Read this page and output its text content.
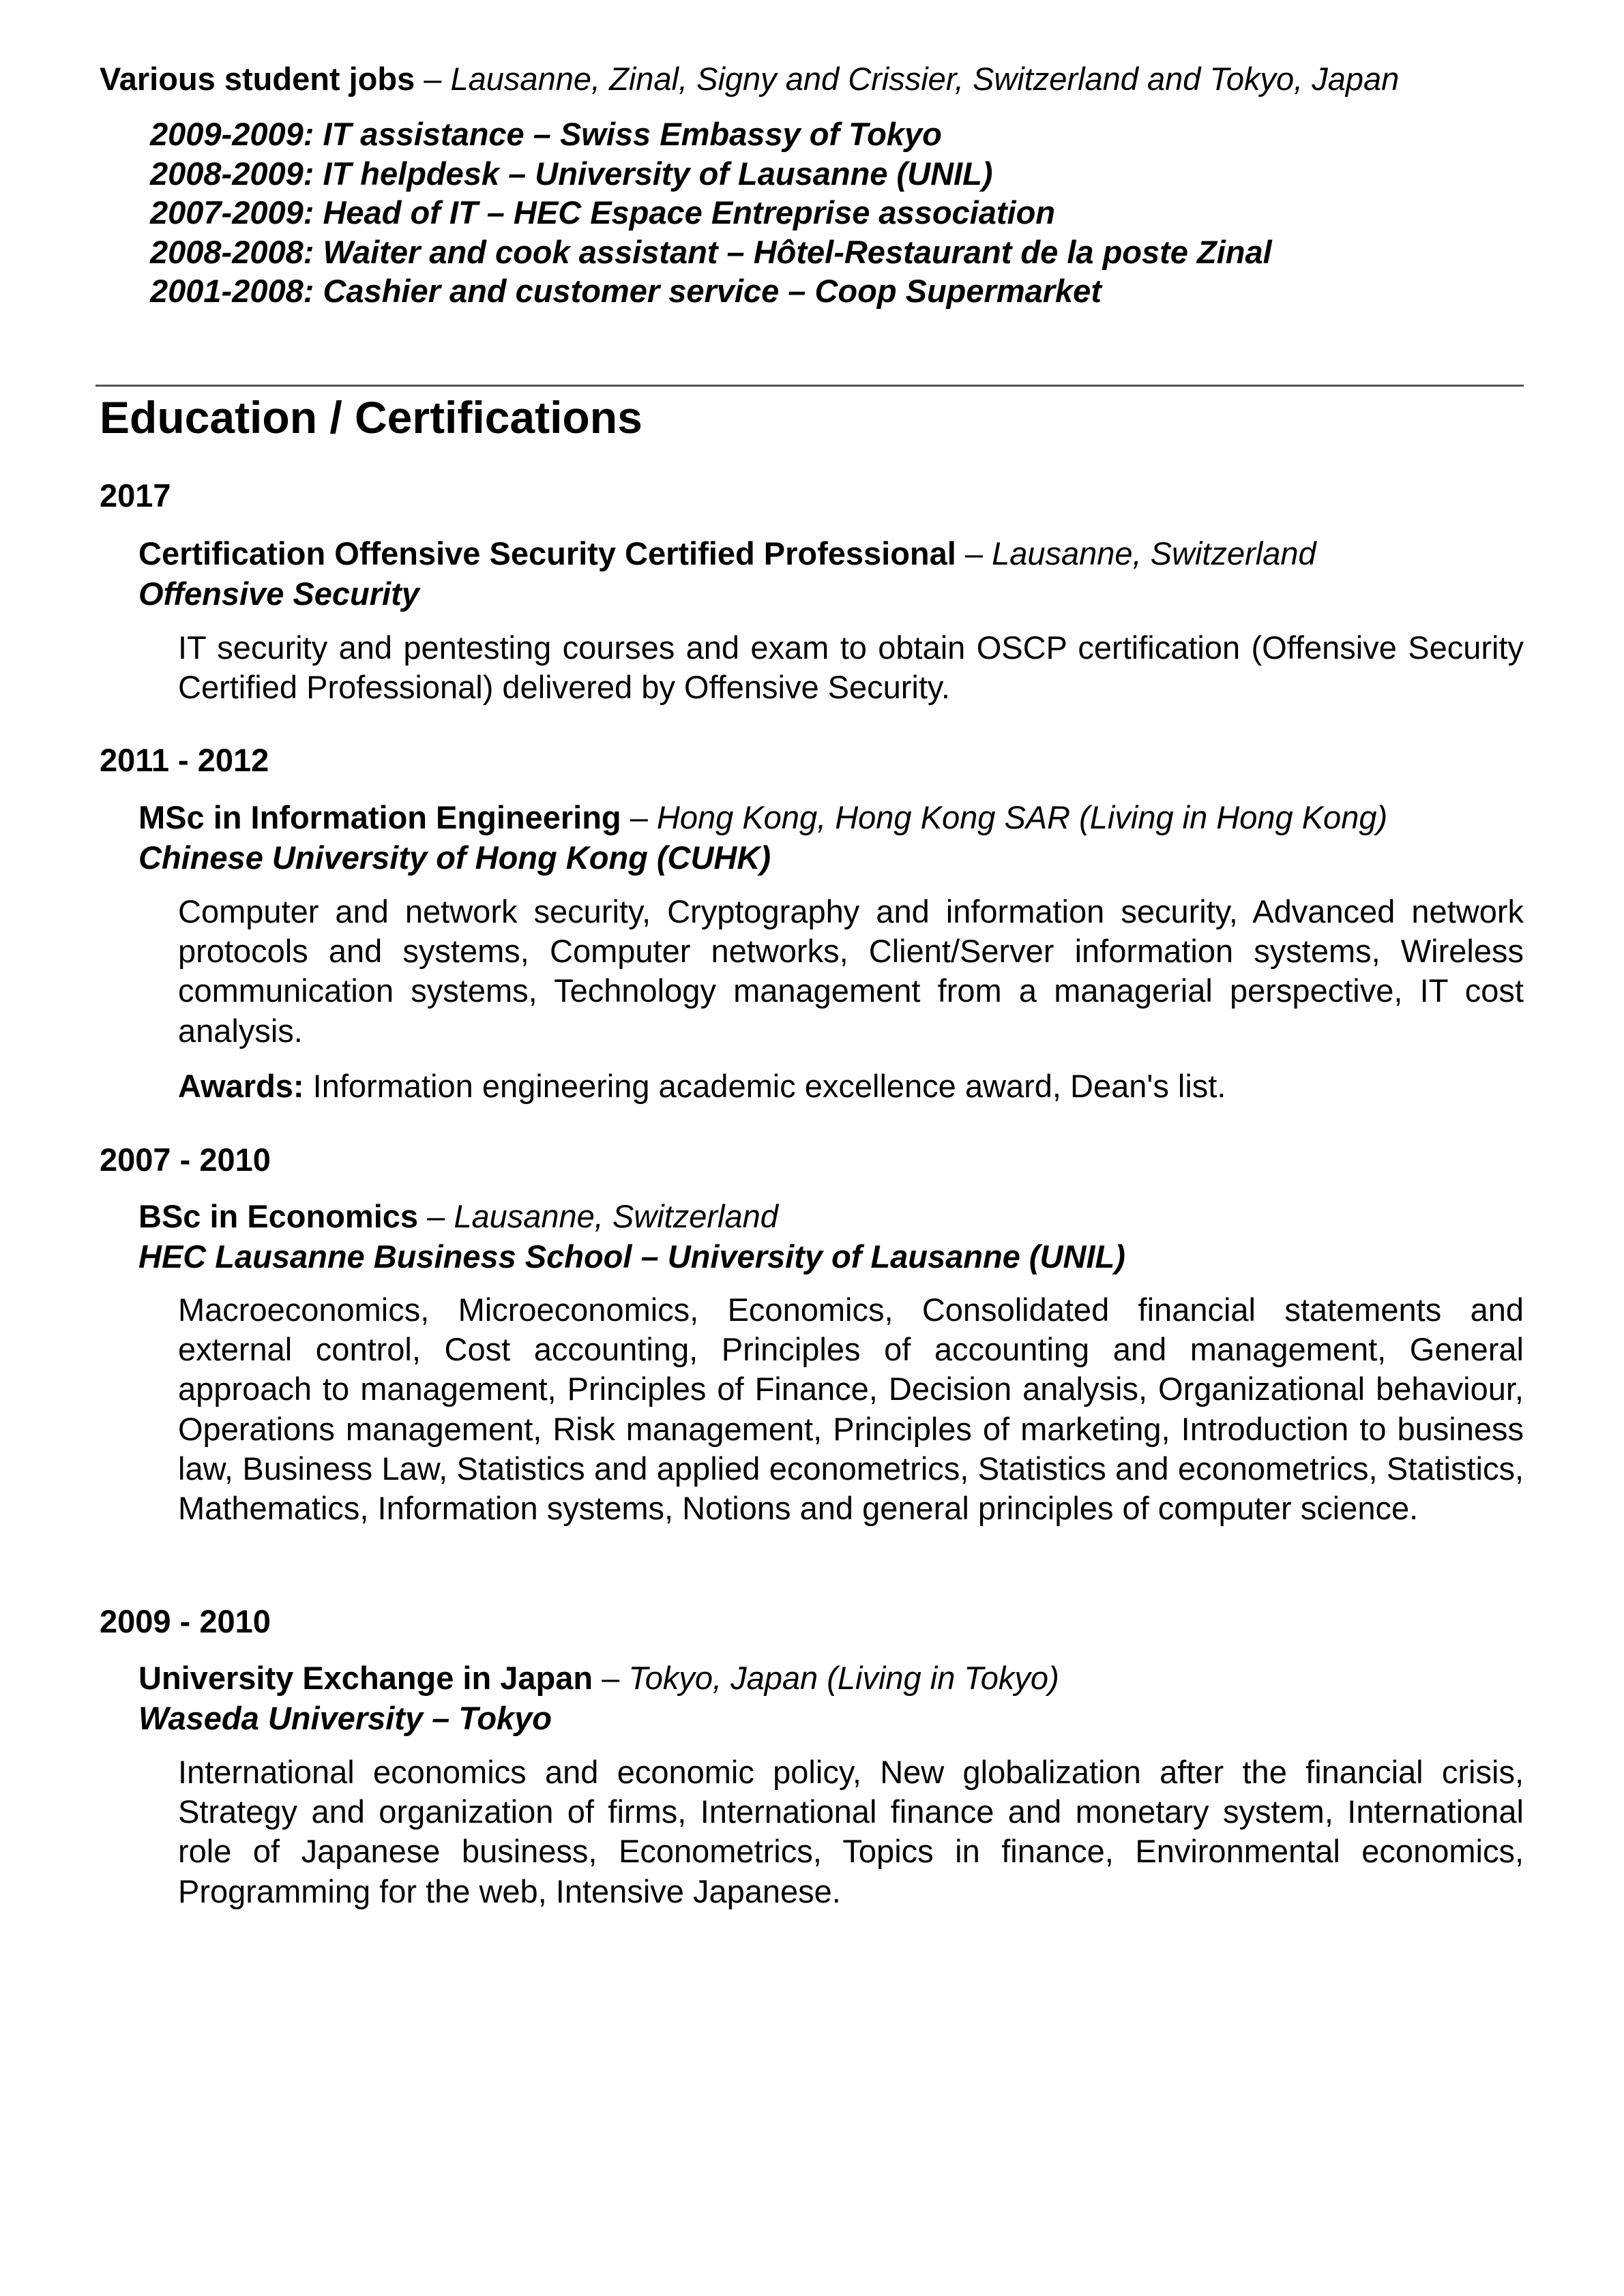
Various student jobs – Lausanne, Zinal, Signy and Crissier, Switzerland and Tokyo, Japan
2009-2009: IT assistance – Swiss Embassy of Tokyo
2008-2009: IT helpdesk – University of Lausanne (UNIL)
2007-2009: Head of IT – HEC Espace Entreprise association
2008-2008: Waiter and cook assistant – Hôtel-Restaurant de la poste Zinal
2001-2008: Cashier and customer service – Coop Supermarket
Education / Certifications
2017
Certification Offensive Security Certified Professional – Lausanne, Switzerland
Offensive Security

IT security and pentesting courses and exam to obtain OSCP certification (Offensive Security Certified Professional) delivered by Offensive Security.

2011 - 2012
MSc in Information Engineering – Hong Kong, Hong Kong SAR (Living in Hong Kong)
Chinese University of Hong Kong (CUHK)

Computer and network security, Cryptography and information security, Advanced network protocols and systems, Computer networks, Client/Server information systems, Wireless communication systems, Technology management from a managerial perspective, IT cost analysis.

Awards: Information engineering academic excellence award, Dean's list.
2007 - 2010
BSc in Economics – Lausanne, Switzerland
HEC Lausanne Business School – University of Lausanne (UNIL)

Macroeconomics, Microeconomics, Economics, Consolidated financial statements and external control, Cost accounting, Principles of accounting and management, General approach to management, Principles of Finance, Decision analysis, Organizational behaviour, Operations management, Risk management, Principles of marketing, Introduction to business law, Business Law, Statistics and applied econometrics, Statistics and econometrics, Statistics, Mathematics, Information systems, Notions and general principles of computer science.

2009 - 2010
University Exchange in Japan – Tokyo, Japan (Living in Tokyo)
Waseda University – Tokyo

International economics and economic policy, New globalization after the financial crisis, Strategy and organization of firms, International finance and monetary system, International role of Japanese business, Econometrics, Topics in finance, Environmental economics, Programming for the web, Intensive Japanese.
